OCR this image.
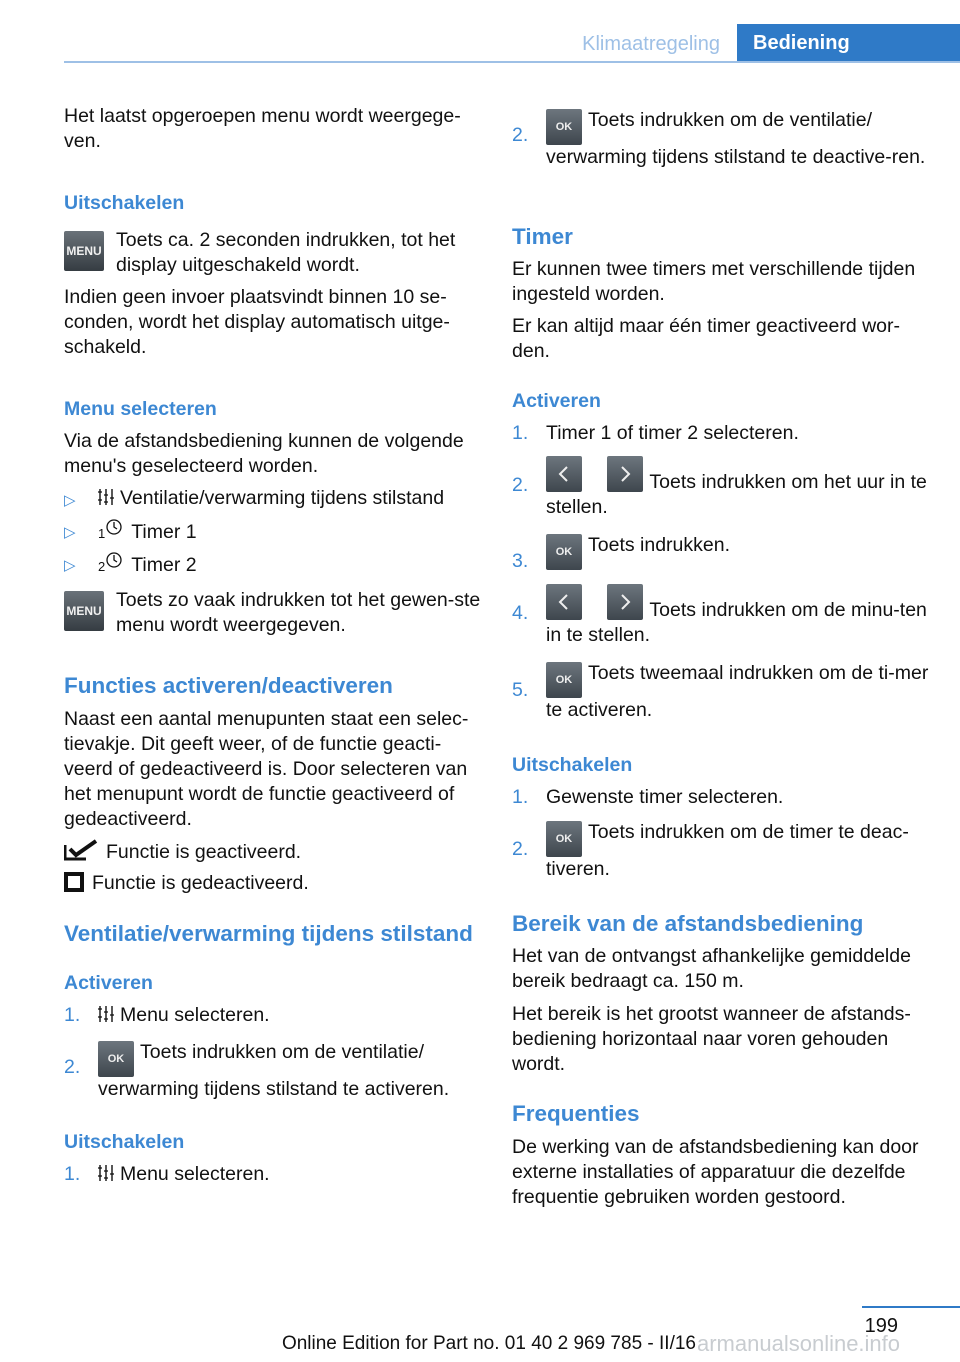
Klimaatregeling	Bediening

Het laatst opgeroepen menu wordt weergege-
ven.

Uitschakelen
MENU Toets ca. 2 seconden indrukken, tot het display uitgeschakeld wordt.

Indien geen invoer plaatsvindt binnen 10 se-
conden, wordt het display automatisch uitge-
schakeld.

Menu selecteren

Via de afstandsbediening kunnen de volgende menu's geselecteerd worden.

▷	Ventilatie/verwarming tijdens stilstand
▷ 1 Timer 1
▷ 2 Timer 2
MENU Toets zo vaak indrukken tot het gewen-ste menu wordt weergegeven.

Functies activeren/deactiveren

Naast een aantal menupunten staat een selec-
tievakje. Dit geeft weer, of de functie geacti-
veerd of gedeactiveerd is. Door selecteren van
het menupunt wordt de functie geactiveerd of
gedeactiveerd.

Functie is geactiveerd.
Functie is gedeactiveerd.
Ventilatie/verwarming tijdens stilstand
Activeren
1.	Menu selecteren.
2.	OK Toets indrukken om de ventilatie/ verwarming tijdens stilstand te activeren.
Uitschakelen
1.	Menu selecteren.
2.	OK Toets indrukken om de ventilatie/ verwarming tijdens stilstand te deactive-ren.
Timer

Er kunnen twee timers met verschillende tijden ingesteld worden.

Er kan altijd maar één timer geactiveerd wor-
den.

Activeren
1. Timer 1 of timer 2 selecteren.
2.
	Toets indrukken om het uur in te stellen.
3.	OK Toets indrukken.
4.
	Toets indrukken om de minu-ten in te stellen.
5.	OK Toets tweemaal indrukken om de ti-mer te activeren.
Uitschakelen
1. Gewenste timer selecteren.
2.	OK Toets indrukken om de timer te deac-tiveren.
Bereik van de afstandsbediening

Het van de ontvangst afhankelijke gemiddelde bereik bedraagt ca. 150 m.

Het bereik is het grootst wanneer de afstands-
bediening horizontaal naar voren gehouden
wordt.

Frequenties

De werking van de afstandsbediening kan door externe installaties of apparatuur die dezelfde frequentie gebruiken worden gestoord.

199
Online Edition for Part no. 01 40 2 969 785 - II/16 armanualsonline.info
